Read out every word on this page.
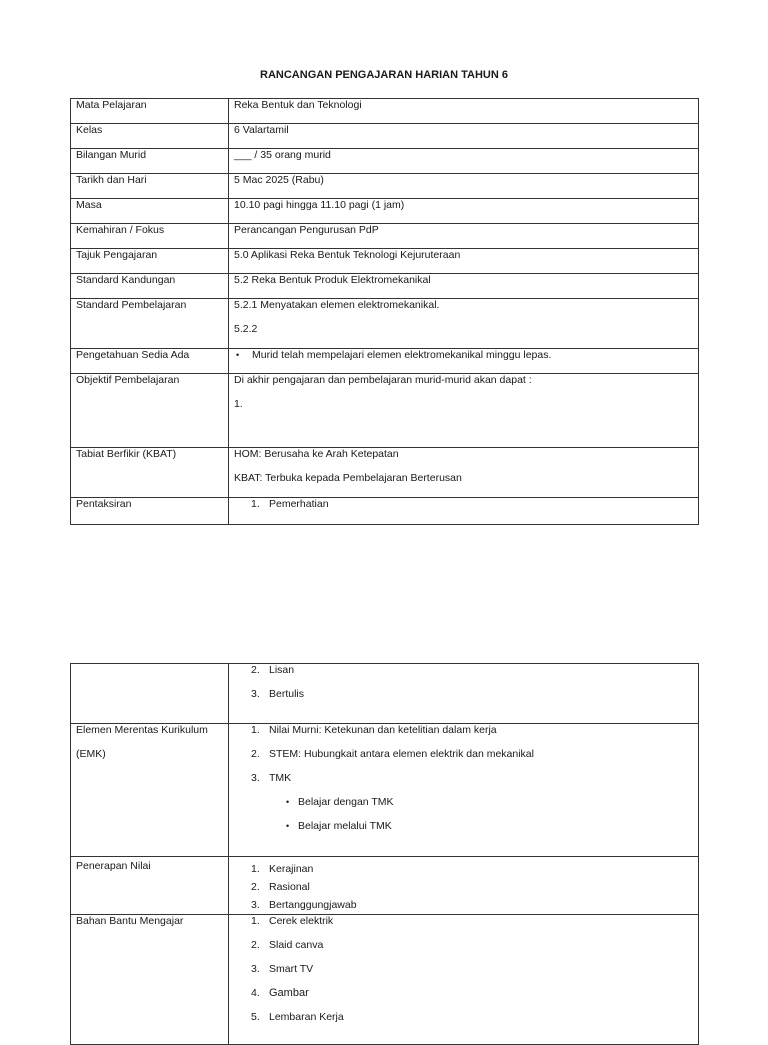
RANCANGAN PENGAJARAN HARIAN TAHUN 6
Mata Pelajaran	Reka Bentuk dan Teknologi
Kelas	6 Valartamil
Bilangan Murid	___ / 35 orang murid
Tarikh dan Hari	5 Mac 2025 (Rabu)
Masa	10.10 pagi hingga 11.10 pagi (1 jam)
Kemahiran / Fokus	Perancangan Pengurusan PdP
Tajuk Pengajaran	5.0 Aplikasi Reka Bentuk Teknologi Kejuruteraan
Standard Kandungan	5.2 Reka Bentuk Produk Elektromekanikal
Standard Pembelajaran	5.2.1 Menyatakan elemen elektromekanikal.
5.2.2

Pengetahuan Sedia Ada	• Murid telah mempelajari elemen elektromekanikal minggu lepas.
Objektif Pembelajaran	Di akhir pengajaran dan pembelajaran murid-murid akan dapat :
1.

Tabiat Berfikir (KBAT)	HOM: Berusaha ke Arah Ketepatan
KBAT: Terbuka kepada Pembelajaran Berterusan

Pentaksiran	1. Pemerhatian

	2. Lisan
3. Bertulis

Elemen Merentas Kurikulum
(EMK)	1. Nilai Murni: Ketekunan dan ketelitian dalam kerja
2. STEM: Hubungkait antara elemen elektrik dan mekanikal
3. TMK
• Belajar dengan TMK
• Belajar melalui TMK

Penerapan Nilai	1. Kerajinan
2. Rasional
3. Bertanggungjawab

Bahan Bantu Mengajar	1. Cerek elektrik
2. Slaid canva
3. Smart TV
4. Gambar
5. Lembaran Kerja
